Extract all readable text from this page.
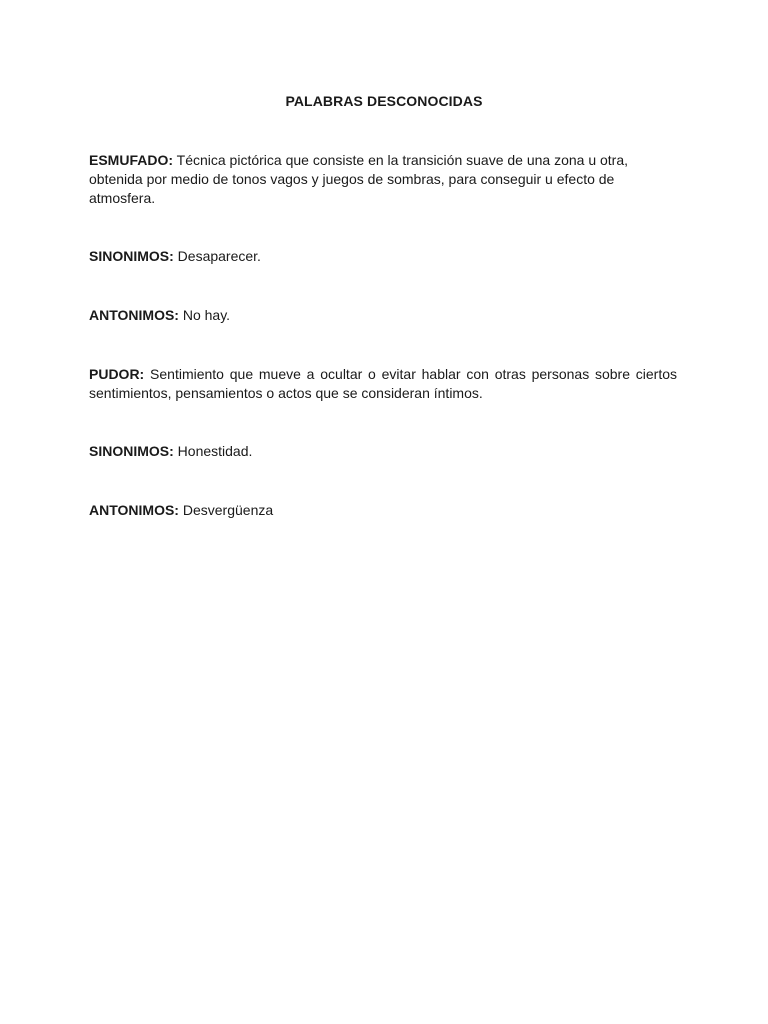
PALABRAS DESCONOCIDAS

ESMUFADO: Técnica pictórica que consiste en la transición suave de una zona u otra, obtenida por medio de tonos vagos y juegos de sombras, para conseguir u efecto de atmosfera.

SINONIMOS: Desaparecer.

ANTONIMOS: No hay.

PUDOR: Sentimiento que mueve a ocultar o evitar hablar con otras personas sobre ciertos sentimientos, pensamientos o actos que se consideran íntimos.

SINONIMOS: Honestidad.

ANTONIMOS: Desvergüenza
